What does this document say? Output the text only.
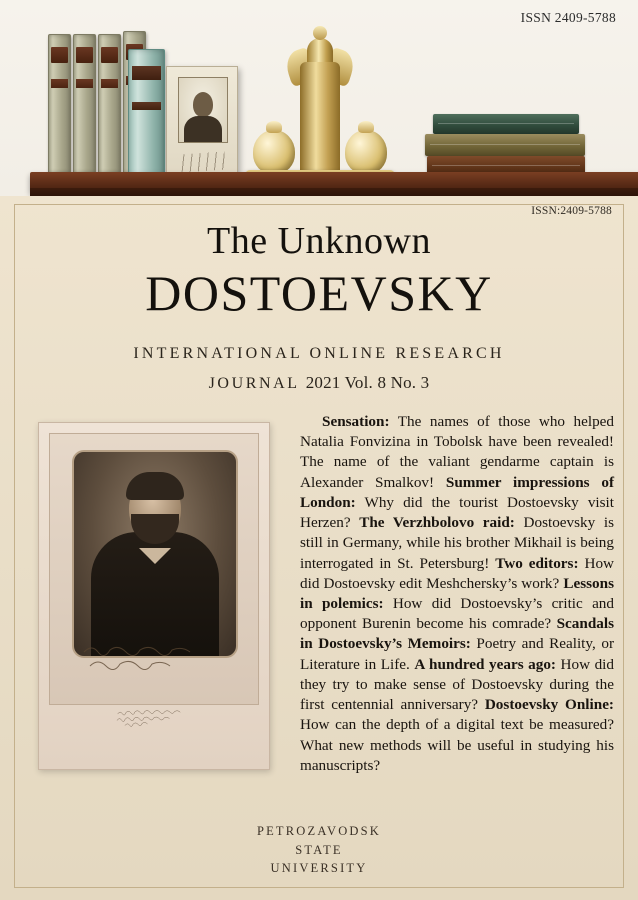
ISSN 2409-5788
ISSN:2409-5788
The Unknown
DOSTOEVSKY
INTERNATIONAL ONLINE RESEARCH
JOURNAL 2021 Vol. 8 No. 3
Sensation: The names of those who helped Natalia Fonvizina in Tobolsk have been revealed! The name of the valiant gendarme captain is Alexander Smalkov! Summer impressions of London: Why did the tourist Dostoevsky visit Herzen? The Verzhbolovo raid: Dostoevsky is still in Germany, while his brother Mikhail is being interrogated in St. Petersburg! Two editors: How did Dostoevsky edit Meshchersky’s work? Lessons in polemics: How did Dostoevsky’s critic and opponent Burenin become his comrade? Scandals in Dostoevsky’s Memoirs: Poetry and Reality, or Literature in Life. A hundred years ago: How did they try to make sense of Dostoevsky during the first centennial anniversary? Dostoevsky Online: How can the depth of a digital text be measured? What new methods will be useful in studying his manuscripts?
PETROZAVODSK
STATE
UNIVERSITY
